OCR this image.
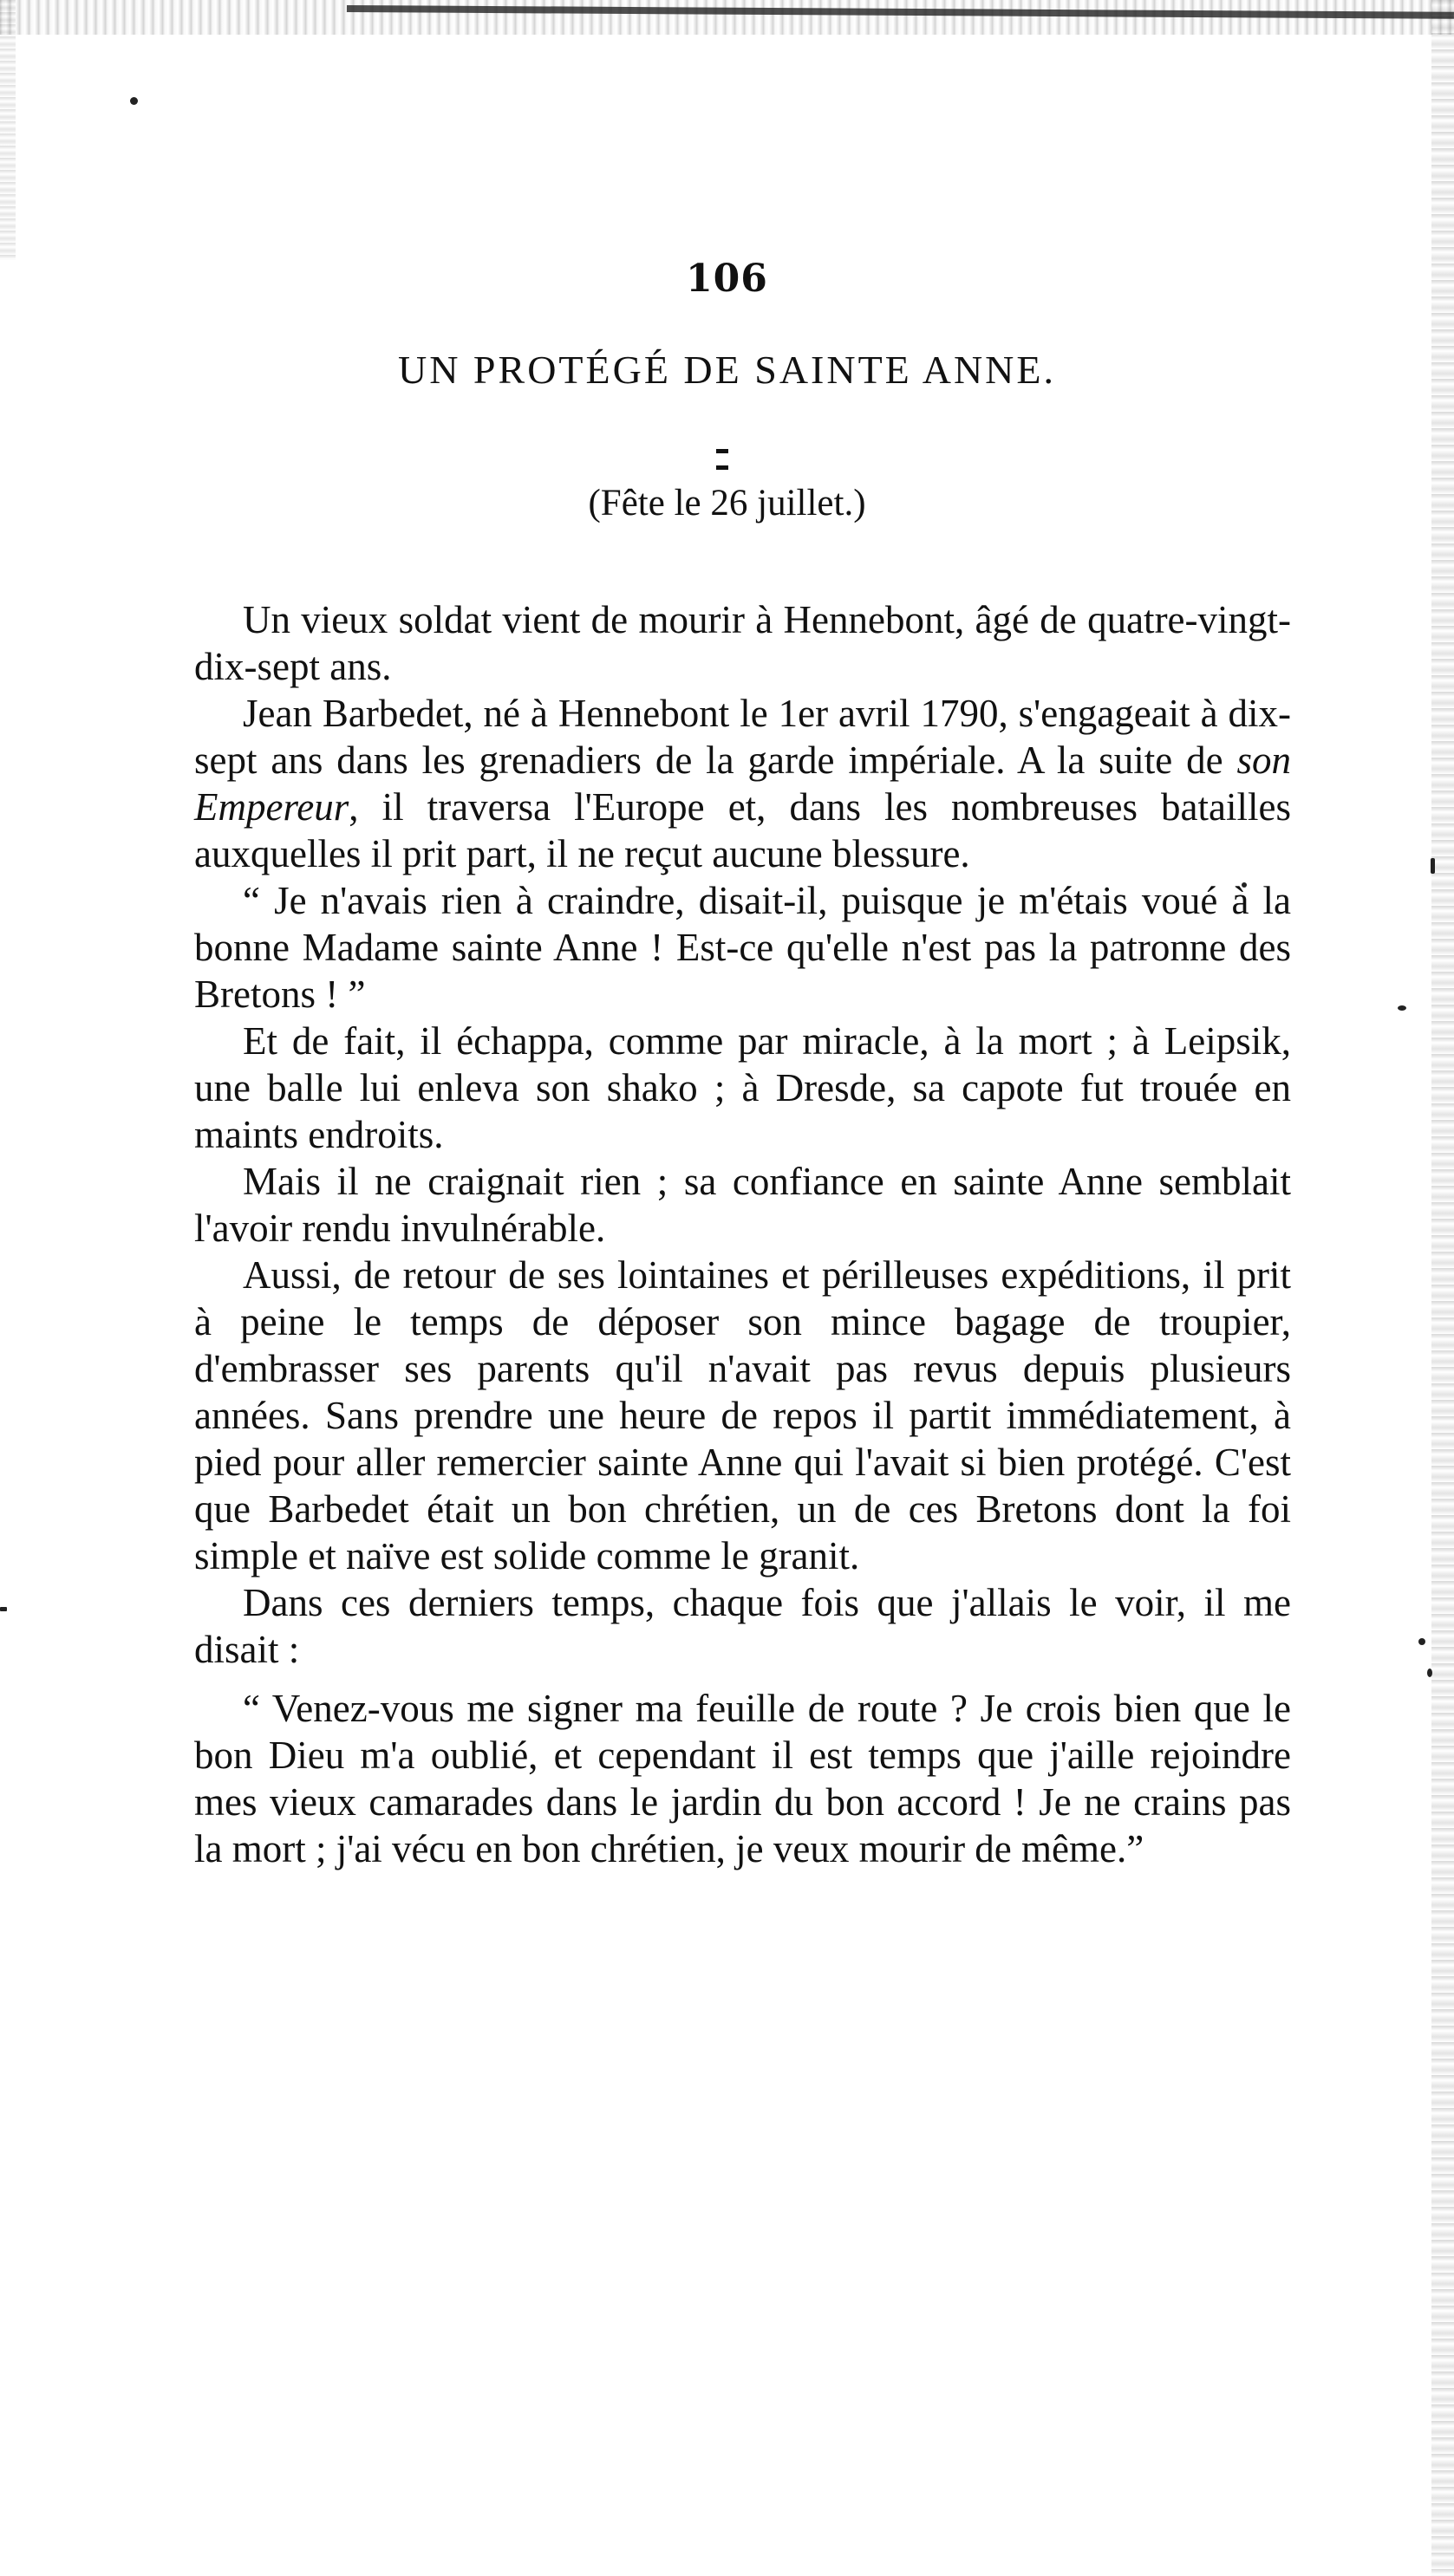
106
UN PROTÉGÉ DE SAINTE ANNE.
(Fête le 26 juillet.)

Un vieux soldat vient de mourir à Hennebont, âgé de quatre-vingt-dix-sept ans.

Jean Barbedet, né à Hennebont le 1er avril 1790, s'engageait à dix-sept ans dans les grenadiers de la garde impériale. A la suite de son Empereur, il traversa l'Europe et, dans les nombreuses batailles auxquelles il prit part, il ne reçut aucune blessure.

“ Je n'avais rien à craindre, disait-il, puisque je m'étais voué à la bonne Madame sainte Anne ! Est-ce qu'elle n'est pas la patronne des Bretons ! ”

Et de fait, il échappa, comme par miracle, à la mort ; à Leipsik, une balle lui enleva son shako ; à Dresde, sa capote fut trouée en maints endroits.

Mais il ne craignait rien ; sa confiance en sainte Anne semblait l'avoir rendu invulnérable.

Aussi, de retour de ses lointaines et périlleuses expéditions, il prit à peine le temps de déposer son mince bagage de troupier, d'embrasser ses parents qu'il n'avait pas revus depuis plusieurs années. Sans prendre une heure de repos il partit immédiatement, à pied pour aller remercier sainte Anne qui l'avait si bien protégé. C'est que Barbedet était un bon chrétien, un de ces Bretons dont la foi simple et naïve est solide comme le granit.

Dans ces derniers temps, chaque fois que j'allais le voir, il me disait :

“ Venez-vous me signer ma feuille de route ? Je crois bien que le bon Dieu m'a oublié, et cependant il est temps que j'aille rejoindre mes vieux camarades dans le jardin du bon accord ! Je ne crains pas la mort ; j'ai vécu en bon chrétien, je veux mourir de même.”
